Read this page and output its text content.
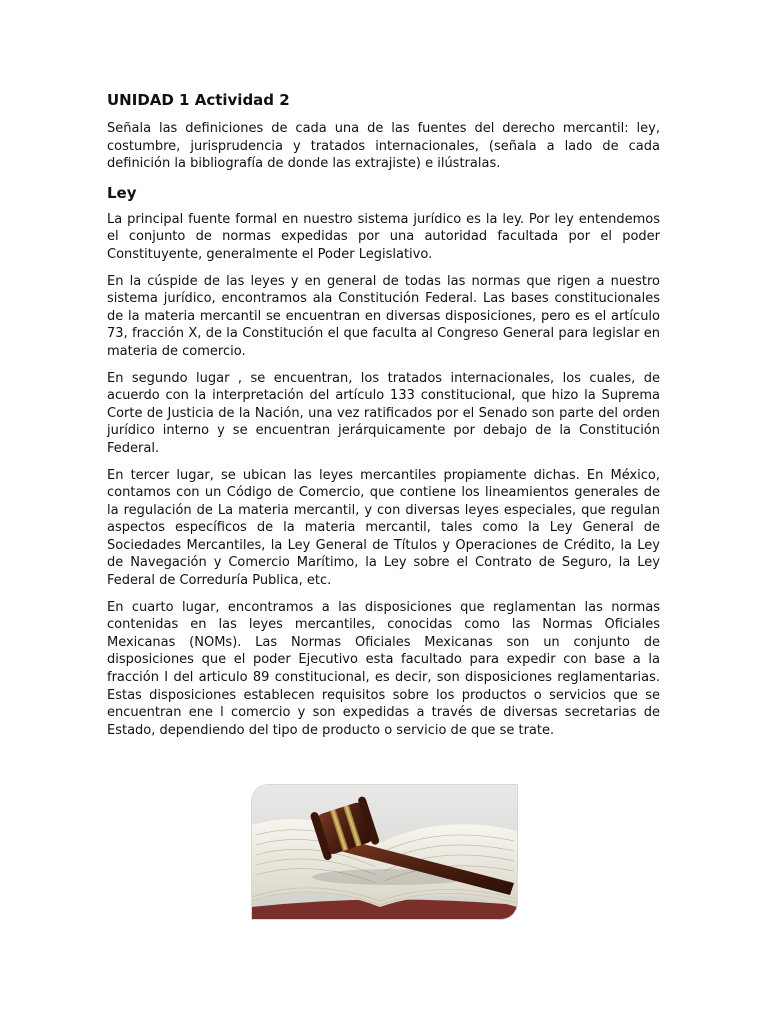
UNIDAD 1 Actividad 2

Señala las definiciones de cada una de las fuentes del derecho mercantil: ley, costumbre, jurisprudencia y tratados internacionales, (señala a lado de cada definición la bibliografía de donde las extrajiste) e ilústralas.

Ley

La principal fuente formal en nuestro sistema jurídico es la ley. Por ley entendemos el conjunto de normas expedidas por una autoridad facultada por el poder Constituyente, generalmente el Poder Legislativo.

En la cúspide de las leyes y en general de todas las normas que rigen a nuestro sistema jurídico, encontramos ala Constitución Federal. Las bases constitucionales de la materia mercantil se encuentran en diversas disposiciones, pero es el artículo 73, fracción X, de la Constitución el que faculta al Congreso General para legislar en materia de comercio.

En segundo lugar , se encuentran, los tratados internacionales, los cuales, de acuerdo con la interpretación del artículo 133 constitucional, que hizo la Suprema Corte de Justicia de la Nación, una vez ratificados por el Senado son parte del orden jurídico interno y se encuentran jerárquicamente por debajo de la Constitución Federal.

En tercer lugar, se ubican las leyes mercantiles propiamente dichas. En México, contamos con un Código de Comercio, que contiene los lineamientos generales de la regulación de La materia mercantil, y con diversas leyes especiales, que regulan aspectos específicos de la materia mercantil, tales como la Ley General de Sociedades Mercantiles, la Ley General de Títulos y Operaciones de Crédito, la Ley de Navegación y Comercio Marítimo, la Ley sobre el Contrato de Seguro, la Ley Federal de Correduría Publica, etc.

En cuarto lugar, encontramos a las disposiciones que reglamentan las normas contenidas en las leyes mercantiles, conocidas como las Normas Oficiales Mexicanas (NOMs). Las Normas Oficiales Mexicanas son un conjunto de disposiciones que el poder Ejecutivo esta facultado para expedir con base a la fracción I del articulo 89 constitucional, es decir, son disposiciones reglamentarias. Estas disposiciones establecen requisitos sobre los productos o servicios que se encuentran ene l comercio y son expedidas a través de diversas secretarias de Estado, dependiendo del tipo de producto o servicio de que se trate.
